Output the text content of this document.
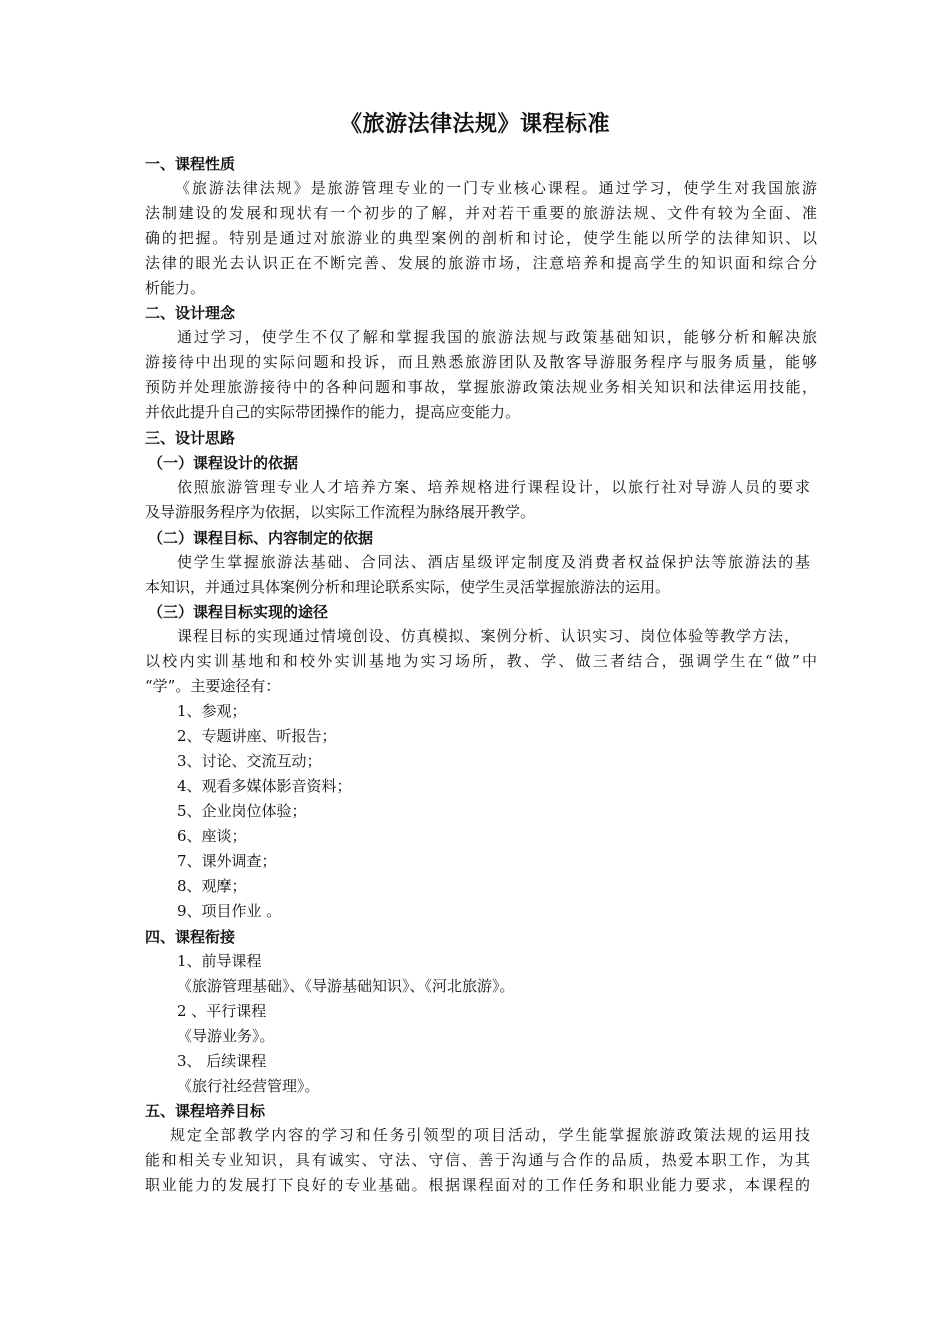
《旅游法律法规》课程标准
一、课程性质
《旅游法律法规》是旅游管理专业的一门专业核心课程。通过学习，使学生对我国旅游
法制建设的发展和现状有一个初步的了解，并对若干重要的旅游法规、文件有较为全面、准
确的把握。特别是通过对旅游业的典型案例的剖析和讨论，使学生能以所学的法律知识、以
法律的眼光去认识正在不断完善、发展的旅游市场，注意培养和提高学生的知识面和综合分
析能力。
二、设计理念
通过学习，使学生不仅了解和掌握我国的旅游法规与政策基础知识，能够分析和解决旅
游接待中出现的实际问题和投诉，而且熟悉旅游团队及散客导游服务程序与服务质量，能够
预防并处理旅游接待中的各种问题和事故，掌握旅游政策法规业务相关知识和法律运用技能，
并依此提升自己的实际带团操作的能力，提高应变能力。
三、设计思路
（一）课程设计的依据
依照旅游管理专业人才培养方案、培养规格进行课程设计，以旅行社对导游人员的要求
及导游服务程序为依据，以实际工作流程为脉络展开教学。
（二）课程目标、内容制定的依据
使学生掌握旅游法基础、合同法、酒店星级评定制度及消费者权益保护法等旅游法的基
本知识，并通过具体案例分析和理论联系实际，使学生灵活掌握旅游法的运用。
（三）课程目标实现的途径
课程目标的实现通过情境创设、仿真模拟、案例分析、认识实习、岗位体验等教学方法，
以校内实训基地和和校外实训基地为实习场所，教、学、做三者结合，强调学生在“做”中
“学”。主要途径有：
1、参观；
2、专题讲座、听报告；
3、讨论、交流互动；
4、观看多媒体影音资料；
5、企业岗位体验；
6、座谈；
7、课外调查；
8、观摩；
9、项目作业 。
四、课程衔接
1、前导课程
《旅游管理基础》、《导游基础知识》、《河北旅游》。
2 、平行课程
《导游业务》。
3、 后续课程
《旅行社经营管理》。
五、课程培养目标
规定全部教学内容的学习和任务引领型的项目活动，学生能掌握旅游政策法规的运用技
能和相关专业知识，具有诚实、守法、守信、善于沟通与合作的品质，热爱本职工作，为其
职业能力的发展打下良好的专业基础。根据课程面对的工作任务和职业能力要求，本课程的
